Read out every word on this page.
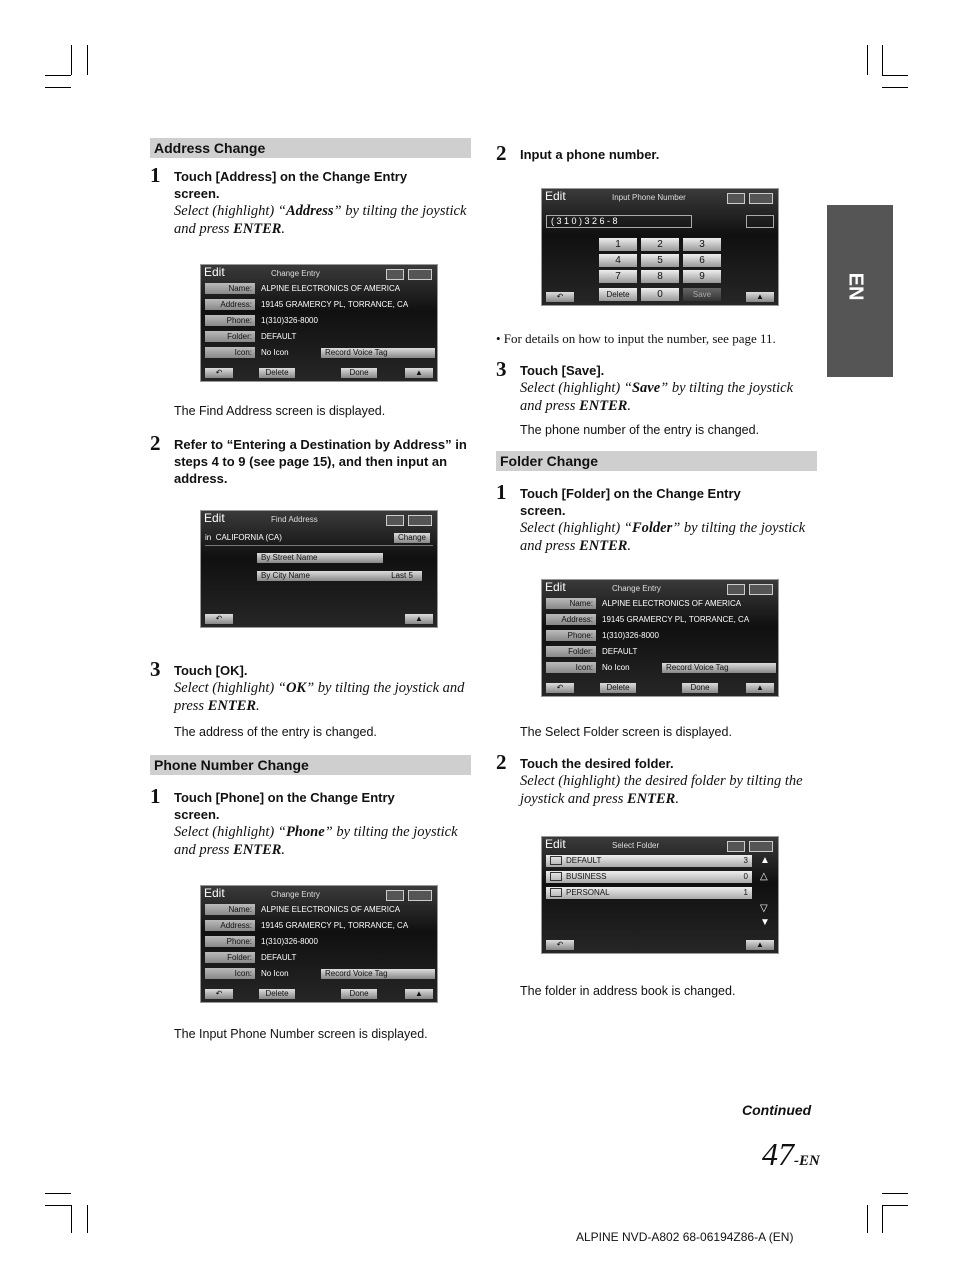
EN
Address Change
1 Touch [Address] on the Change Entry
screen.
Select (highlight) “Address” by tilting the joystick and press ENTER.
Edit	Change Entry
Name:	ALPINE ELECTRONICS OF AMERICA
Address:	19145 GRAMERCY PL, TORRANCE, CA
Phone:	1(310)326-8000
Folder:	DEFAULT
Icon:	No Icon	Record Voice Tag
↶	Delete	Done	▲
The Find Address screen is displayed.
2 Refer to “Entering a Destination by Address” in steps 4 to 9 (see page 15), and then input an address.
Edit	Find Address
in CALIFORNIA (CA)	Change
By Street Name
By City Name	Last 5
↶	▲
3 Touch [OK].
Select (highlight) “OK” by tilting the joystick and press ENTER.
The address of the entry is changed.
Phone Number Change
1 Touch [Phone] on the Change Entry
screen.
Select (highlight) “Phone” by tilting the joystick and press ENTER.
Edit	Change Entry
Name:	ALPINE ELECTRONICS OF AMERICA
Address:	19145 GRAMERCY PL, TORRANCE, CA
Phone:	1(310)326-8000
Folder:	DEFAULT
Icon:	No Icon	Record Voice Tag
↶	Delete	Done	▲
The Input Phone Number screen is displayed.
2 Input a phone number.
Edit	Input Phone Number
( 3 1 0 ) 3 2 6 - 8
1	2	3
4	5	6
7	8	9
Delete	0	Save
↶	▲
• For details on how to input the number, see page 11.
3 Touch [Save].
Select (highlight) “Save” by tilting the joystick and press ENTER.
The phone number of the entry is changed.
Folder Change
1 Touch [Folder] on the Change Entry
screen.
Select (highlight) “Folder” by tilting the joystick and press ENTER.
Edit	Change Entry
Name:	ALPINE ELECTRONICS OF AMERICA
Address:	19145 GRAMERCY PL, TORRANCE, CA
Phone:	1(310)326-8000
Folder:	DEFAULT
Icon:	No Icon	Record Voice Tag
↶	Delete	Done	▲
The Select Folder screen is displayed.
2 Touch the desired folder.
Select (highlight) the desired folder by tilting the joystick and press ENTER.
Edit	Select Folder
DEFAULT	3
BUSINESS	0
PERSONAL	1
▲
△
▽
▼
↶	▲
The folder in address book is changed.
Continued
47-EN
ALPINE NVD-A802 68-06194Z86-A (EN)
